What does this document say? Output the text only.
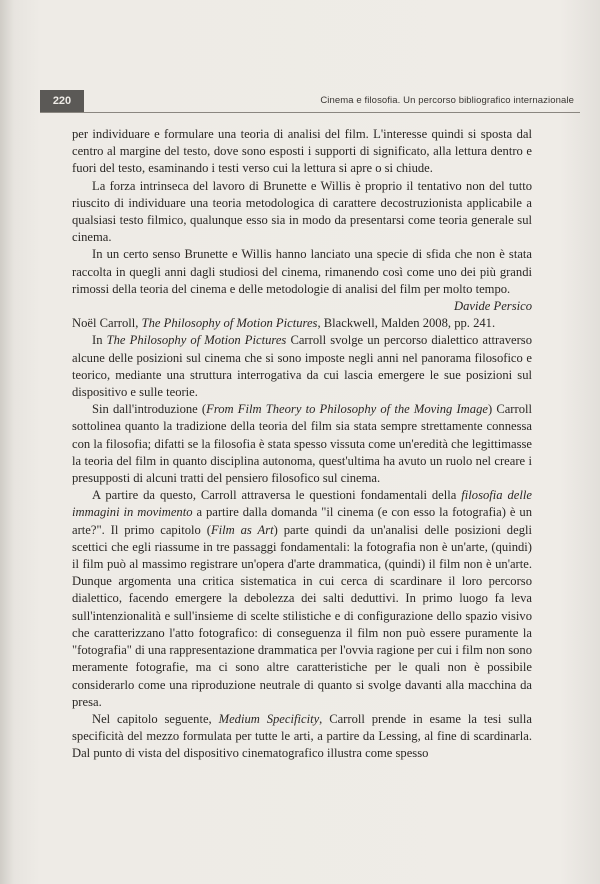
220	Cinema e filosofia. Un percorso bibliografico internazionale

per individuare e formulare una teoria di analisi del film. L'interesse quindi si sposta dal centro al margine del testo, dove sono esposti i supporti di significato, alla lettura dentro e fuori del testo, esaminando i testi verso cui la lettura si apre o si chiude.

La forza intrinseca del lavoro di Brunette e Willis è proprio il tentativo non del tutto riuscito di individuare una teoria metodologica di carattere decostruzionista applicabile a qualsiasi testo filmico, qualunque esso sia in modo da presentarsi come teoria generale sul cinema.

In un certo senso Brunette e Willis hanno lanciato una specie di sfida che non è stata raccolta in quegli anni dagli studiosi del cinema, rimanendo così come uno dei più grandi rimossi della teoria del cinema e delle metodologie di analisi del film per molto tempo.

Davide Persico

Noël Carroll, The Philosophy of Motion Pictures, Blackwell, Malden 2008, pp. 241.

In The Philosophy of Motion Pictures Carroll svolge un percorso dialettico attraverso alcune delle posizioni sul cinema che si sono imposte negli anni nel panorama filosofico e teorico, mediante una struttura interrogativa da cui lascia emergere le sue posizioni sul dispositivo e sulle teorie.

Sin dall'introduzione (From Film Theory to Philosophy of the Moving Image) Carroll sottolinea quanto la tradizione della teoria del film sia stata sempre strettamente connessa con la filosofia; difatti se la filosofia è stata spesso vissuta come un'eredità che legittimasse la teoria del film in quanto disciplina autonoma, quest'ultima ha avuto un ruolo nel creare i presupposti di alcuni tratti del pensiero filosofico sul cinema.

A partire da questo, Carroll attraversa le questioni fondamentali della filosofia delle immagini in movimento a partire dalla domanda "il cinema (e con esso la fotografia) è un arte?". Il primo capitolo (Film as Art) parte quindi da un'analisi delle posizioni degli scettici che egli riassume in tre passaggi fondamentali: la fotografia non è un'arte, (quindi) il film può al massimo registrare un'opera d'arte drammatica, (quindi) il film non è un'arte. Dunque argomenta una critica sistematica in cui cerca di scardinare il loro percorso dialettico, facendo emergere la debolezza dei salti deduttivi. In primo luogo fa leva sull'intenzionalità e sull'insieme di scelte stilistiche e di configurazione dello spazio visivo che caratterizzano l'atto fotografico: di conseguenza il film non può essere puramente la "fotografia" di una rappresentazione drammatica per l'ovvia ragione per cui i film non sono meramente fotografie, ma ci sono altre caratteristiche per le quali non è possibile considerarlo come una riproduzione neutrale di quanto si svolge davanti alla macchina da presa.

Nel capitolo seguente, Medium Specificity, Carroll prende in esame la tesi sulla specificità del mezzo formulata per tutte le arti, a partire da Lessing, al fine di scardinarla. Dal punto di vista del dispositivo cinematografico illustra come spesso
